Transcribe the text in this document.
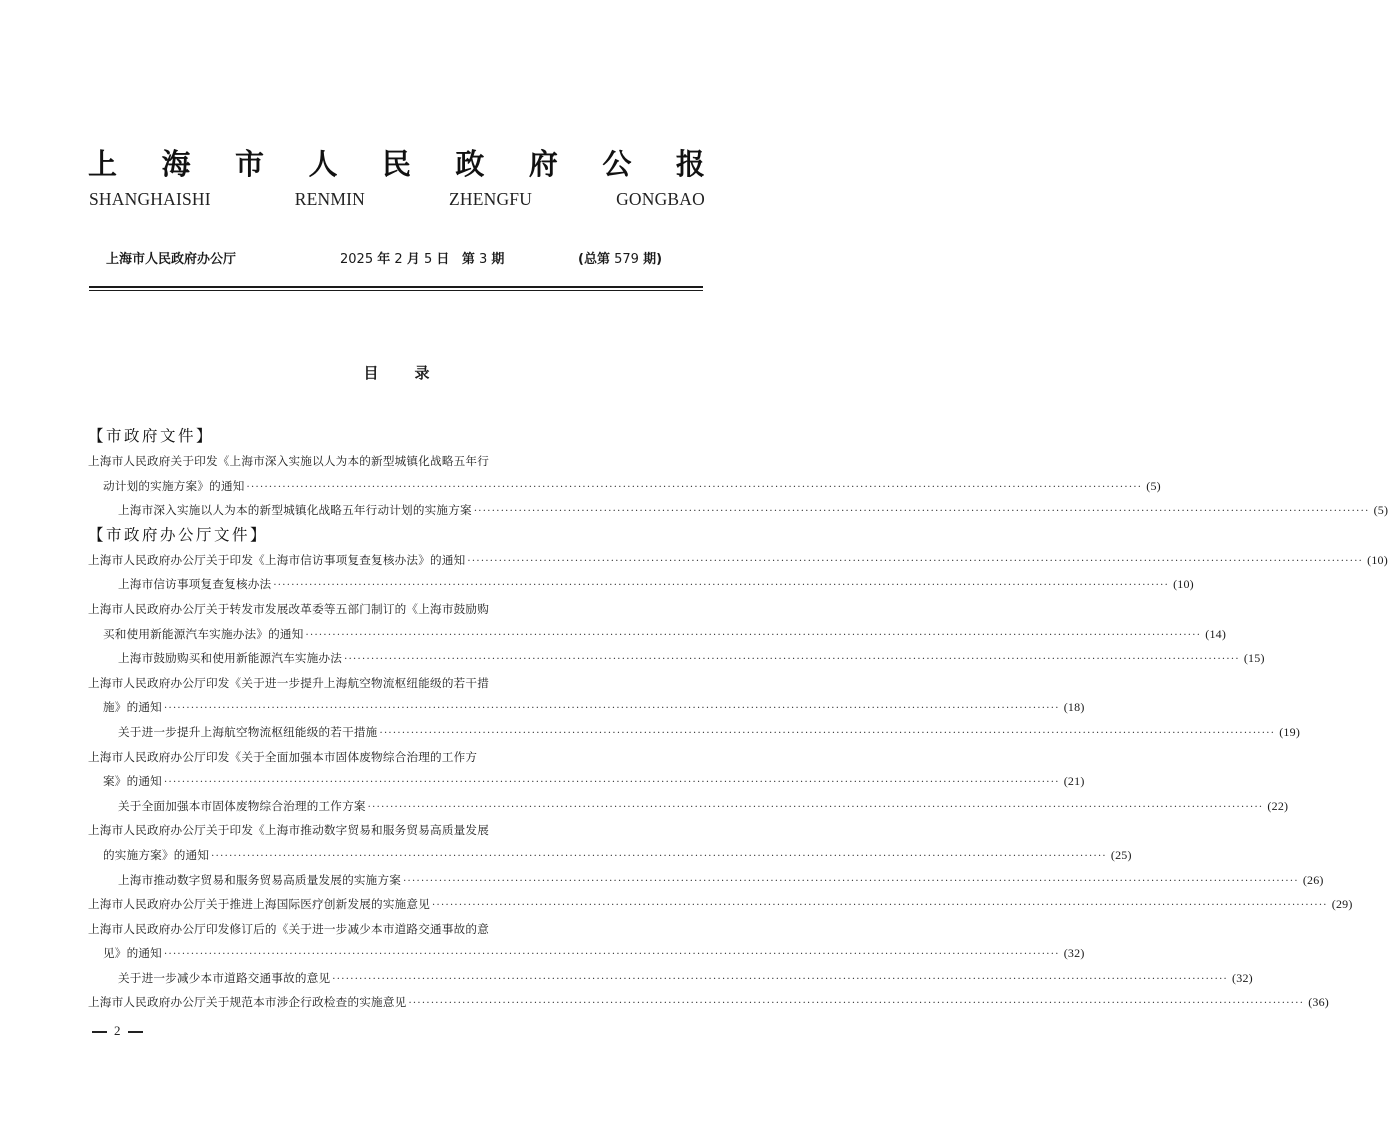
上 海 市 人 民 政 府 公 报
SHANGHAISHI	RENMIN	ZHENGFU	GONGBAO
上海市人民政府办公厅	2025 年 2 月 5 日 第 3 期	(总第 579 期)
目 录
【市政府文件】
上海市人民政府关于印发《上海市深入实施以人为本的新型城镇化战略五年行
动计划的实施方案》的通知 ········································································································································································································ (5)
上海市深入实施以人为本的新型城镇化战略五年行动计划的实施方案 ········································································································································································································ (5)
【市政府办公厅文件】
上海市人民政府办公厅关于印发《上海市信访事项复查复核办法》的通知 ········································································································································································································ (10)
上海市信访事项复查复核办法 ········································································································································································································ (10)
上海市人民政府办公厅关于转发市发展改革委等五部门制订的《上海市鼓励购
买和使用新能源汽车实施办法》的通知 ········································································································································································································ (14)
上海市鼓励购买和使用新能源汽车实施办法 ········································································································································································································ (15)
上海市人民政府办公厅印发《关于进一步提升上海航空物流枢纽能级的若干措
施》的通知 ········································································································································································································ (18)
关于进一步提升上海航空物流枢纽能级的若干措施 ········································································································································································································ (19)
上海市人民政府办公厅印发《关于全面加强本市固体废物综合治理的工作方
案》的通知 ········································································································································································································ (21)
关于全面加强本市固体废物综合治理的工作方案 ········································································································································································································ (22)
上海市人民政府办公厅关于印发《上海市推动数字贸易和服务贸易高质量发展
的实施方案》的通知 ········································································································································································································ (25)
上海市推动数字贸易和服务贸易高质量发展的实施方案 ········································································································································································································ (26)
上海市人民政府办公厅关于推进上海国际医疗创新发展的实施意见 ········································································································································································································ (29)
上海市人民政府办公厅印发修订后的《关于进一步减少本市道路交通事故的意
见》的通知 ········································································································································································································ (32)
关于进一步减少本市道路交通事故的意见 ········································································································································································································ (32)
上海市人民政府办公厅关于规范本市涉企行政检查的实施意见 ········································································································································································································ (36)
2
